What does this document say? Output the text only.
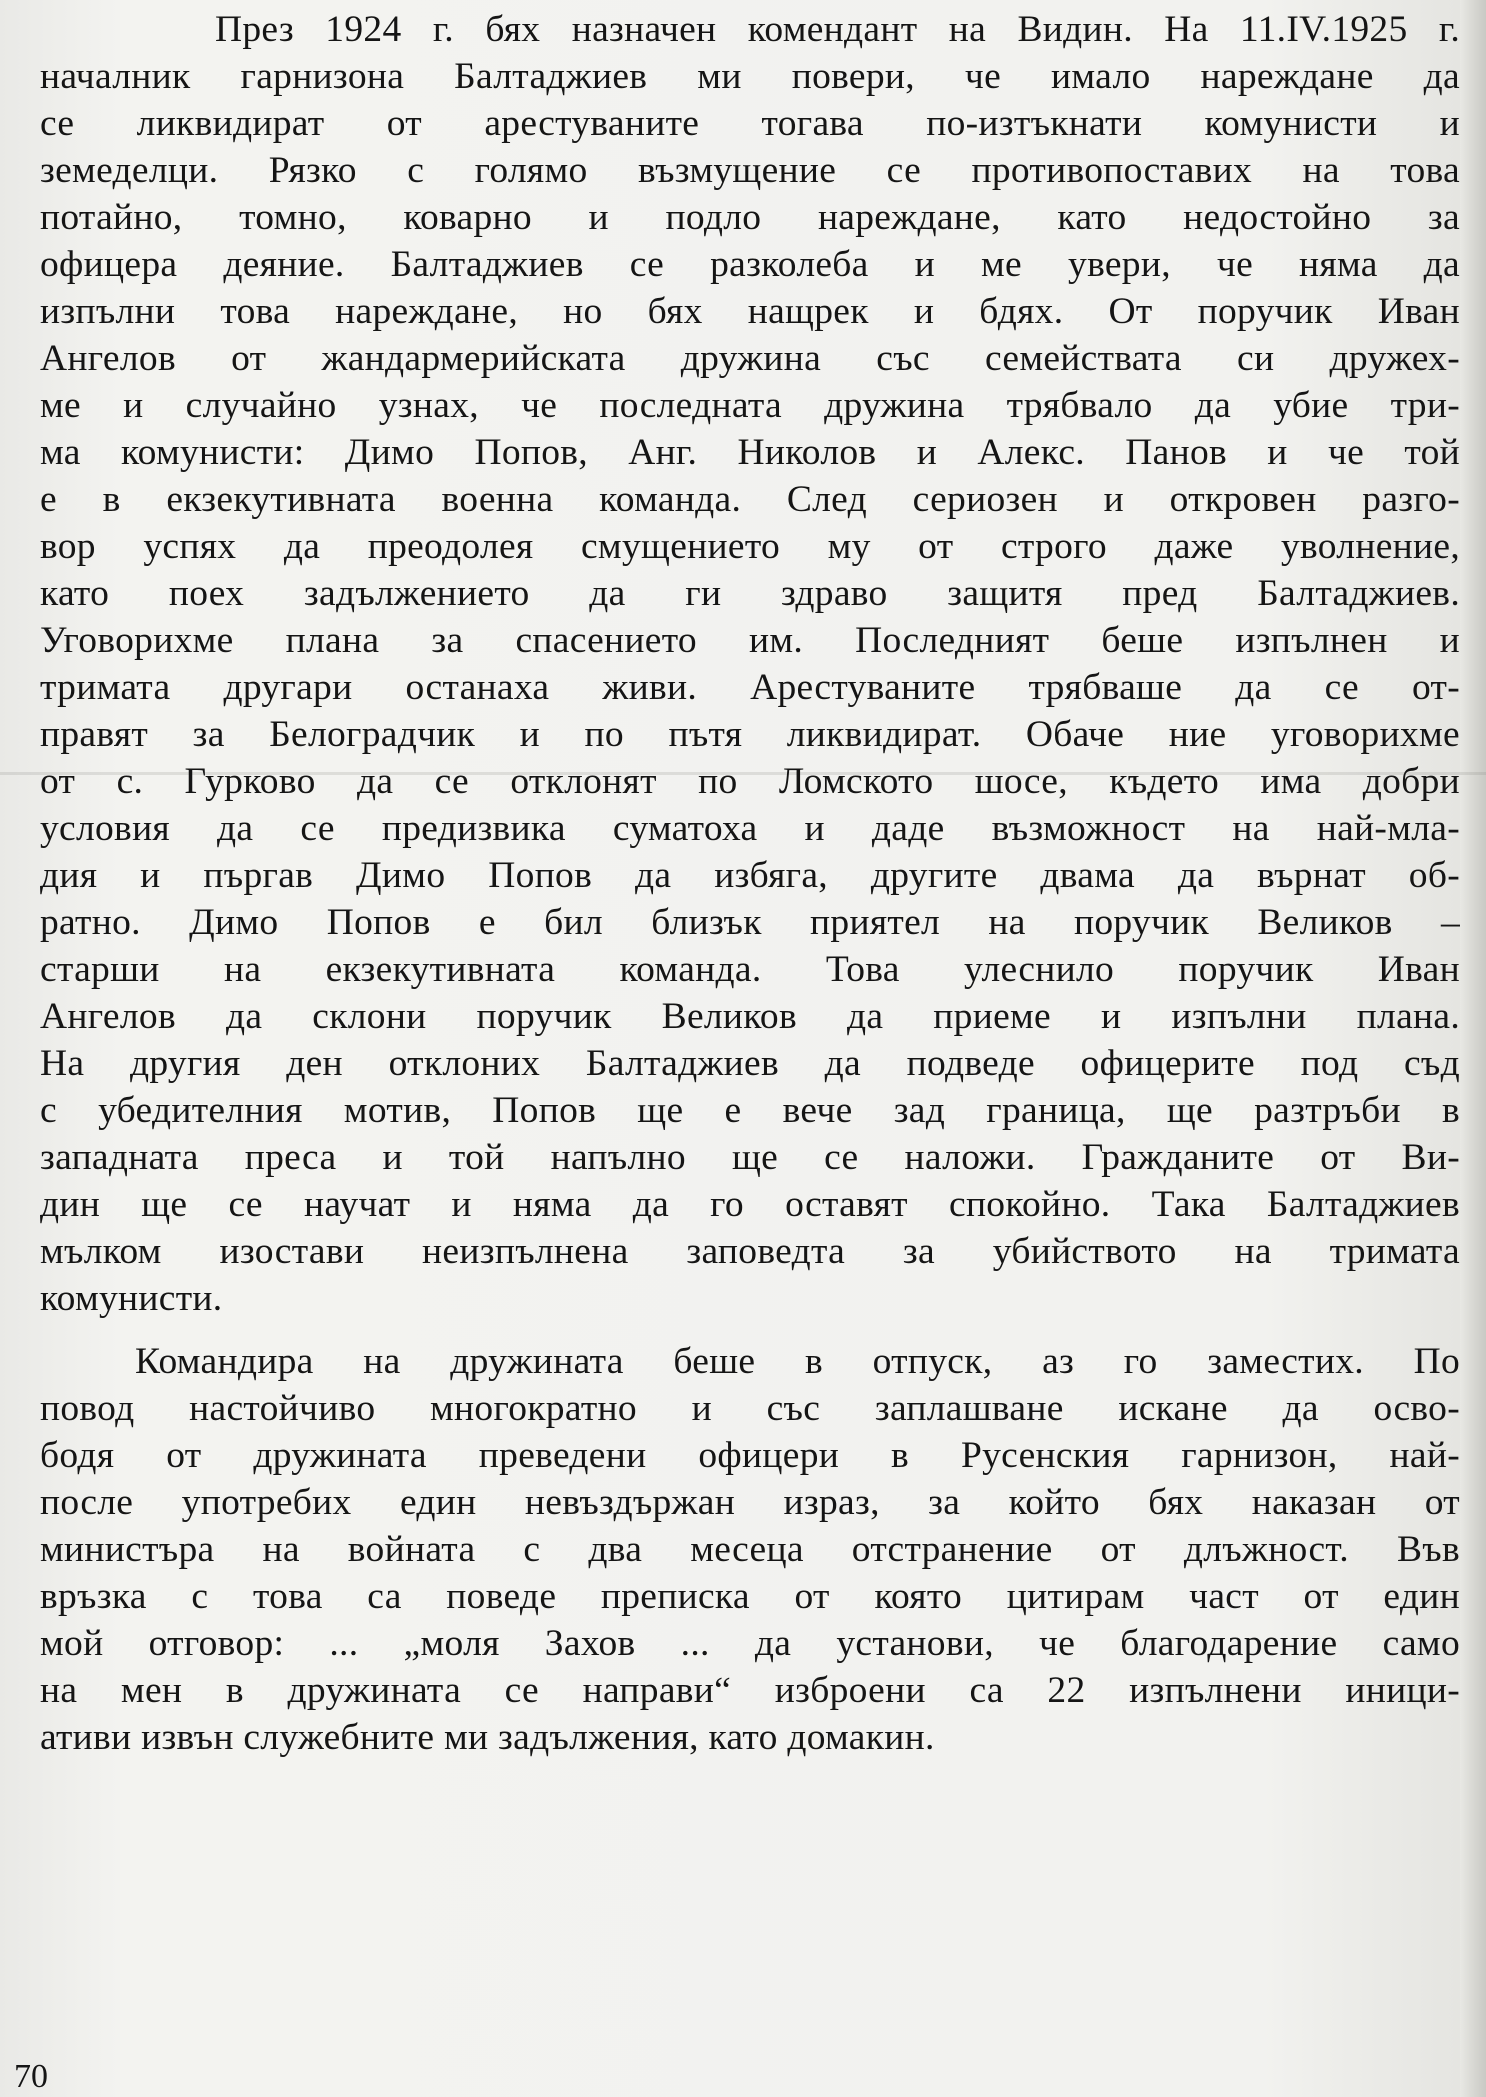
През 1924 г. бях назначен комендант на Видин. На 11.IV.1925 г.
началник гарнизона Балтаджиев ми повери, че имало нареждане да
се ликвидират от арестуваните тогава по-изтъкнати комунисти и
земеделци. Рязко с голямо възмущение се противопоставих на това
потайно, томно, коварно и подло нареждане, като недостойно за
офицера деяние. Балтаджиев се разколеба и ме увери, че няма да
изпълни това нареждане, но бях нащрек и бдях. От поручик Иван
Ангелов от жандармерийската дружина със семействата си дружех-
ме и случайно узнах, че последната дружина трябвало да убие три-
ма комунисти: Димо Попов, Анг. Николов и Алекс. Панов и че той
е в екзекутивната военна команда. След сериозен и откровен разго-
вор успях да преодолея смущението му от строго даже уволнение,
като поех задължението да ги здраво защитя пред Балтаджиев.
Уговорихме плана за спасението им. Последният беше изпълнен и
тримата другари останаха живи. Арестуваните трябваше да се от-
правят за Белоградчик и по пътя ликвидират. Обаче ние уговорихме
от с. Гурково да се отклонят по Ломското шосе, където има добри
условия да се предизвика суматоха и даде възможност на най-мла-
дия и пъргав Димо Попов да избяга, другите двама да върнат об-
ратно. Димо Попов е бил близък приятел на поручик Великов –
старши на екзекутивната команда. Това улеснило поручик Иван
Ангелов да склони поручик Великов да приеме и изпълни плана.
На другия ден отклоних Балтаджиев да подведе офицерите под съд
с убедителния мотив, Попов ще е вече зад граница, ще разтръби в
западната преса и той напълно ще се наложи. Гражданите от Ви-
дин ще се научат и няма да го оставят спокойно. Така Балтаджиев
мълком изостави неизпълнена заповедта за убийството на тримата
комунисти.
Командира на дружината беше в отпуск, аз го заместих. По
повод настойчиво многократно и със заплашване искане да осво-
бодя от дружината преведени офицери в Русенския гарнизон, най-
после употребих един невъздържан израз, за който бях наказан от
министъра на войната с два месеца отстранение от длъжност. Във
връзка с това са поведе преписка от която цитирам част от един
мой отговор: ... „моля Захов ... да установи, че благодарение само
на мен в дружината се направи“ изброени са 22 изпълнени иници-
ативи извън служебните ми задължения, като домакин.
70
